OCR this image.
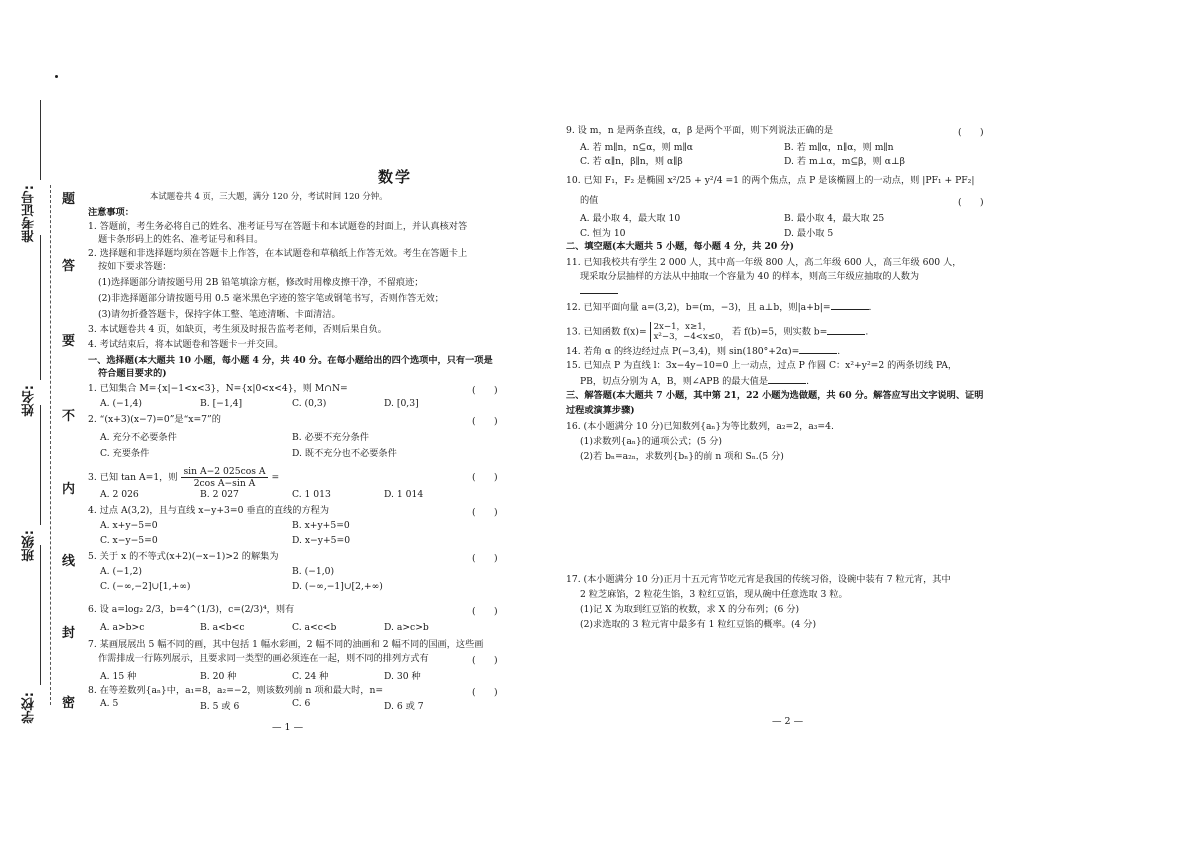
学校:
班级:
姓名:
准考证号: 题
答
要
不
内
线
封
密
数学
本试题卷共 4 页，三大题，满分 120 分，考试时间 120 分钟。
注意事项：
1. 答题前，考生务必将自己的姓名、准考证号写在答题卡和本试题卷的封面上，并认真核对答
题卡条形码上的姓名、准考证号和科目。
2. 选择题和非选择题均须在答题卡上作答，在本试题卷和草稿纸上作答无效。考生在答题卡上
按如下要求答题：
(1)选择题部分请按题号用 2B 铅笔填涂方框，修改时用橡皮擦干净，不留痕迹；
(2)非选择题部分请按题号用 0.5 毫米黑色字迹的签字笔或钢笔书写，否则作答无效；
(3)请勿折叠答题卡，保持字体工整、笔迹清晰、卡面清洁。
3. 本试题卷共 4 页，如缺页，考生须及时报告监考老师，否则后果自负。
4. 考试结束后，将本试题卷和答题卡一并交回。
一、选择题(本大题共 10 小题，每小题 4 分，共 40 分。在每小题给出的四个选项中，只有一项是
符合题目要求的)
1. 已知集合 M={x|−1<x<3}，N={x|0<x<4}，则 M∩N=	(　　)
A. (−1,4)	B. [−1,4]	C. (0,3)	D. [0,3]
2. “(x+3)(x−7)=0”是“x=7”的	(　　)
A. 充分不必要条件	B. 必要不充分条件
C. 充要条件	D. 既不充分也不必要条件
3. 已知 tan A=1，则 $\frac{\text{sin A−2 025cos A}}{\text{2cos A−sin A}}$ =	(　　)
A. 2 026	B. 2 027	C. 1 013	D. 1 014
4. 过点 A(3,2)，且与直线 x−y+3=0 垂直的直线的方程为	(　　)
A. x+y−5=0	B. x+y+5=0
C. x−y−5=0	D. x−y+5=0
5. 关于 x 的不等式(x+2)(−x−1)>2 的解集为	(　　)
A. (−1,2)	B. (−1,0)
C. (−∞,−2]∪[1,+∞)	D. (−∞,−1]∪[2,+∞)
6. 设 a=log₂ 2/3，b=4^(1/3)，c=(2/3)⁴，则有	(　　)
A. a>b>c	B. a<b<c	C. a<c<b	D. a>c>b
7. 某画展展出 5 幅不同的画，其中包括 1 幅水彩画，2 幅不同的油画和 2 幅不同的国画，这些画
作需排成一行陈列展示，且要求同一类型的画必须连在一起，则不同的排列方式有	(　　)
A. 15 种	B. 20 种	C. 24 种	D. 30 种
8. 在等差数列{aₙ}中，a₁=8，a₂=−2，则该数列前 n 项和最大时，n=	(　　)
A. 5	B. 5 或 6	C. 6	D. 6 或 7
— 1 —
9. 设 m，n 是两条直线，α，β 是两个平面，则下列说法正确的是	(　　)
A. 若 m∥n，n⊆α，则 m∥α	B. 若 m∥α，n∥α，则 m∥n
C. 若 α∥n，β∥n，则 α∥β	D. 若 m⊥α，m⊆β，则 α⊥β
10. 已知 F₁，F₂ 是椭圆 x²/25 + y²/4 =1 的两个焦点，点 P 是该椭圆上的一动点，则 |PF₁ + PF₂|
的值	(　　)
A. 最小取 4，最大取 10	B. 最小取 4，最大取 25
C. 恒为 10	D. 最小取 5
二、填空题(本大题共 5 小题，每小题 4 分，共 20 分)
11. 已知我校共有学生 2 000 人，其中高一年级 800 人，高二年级 600 人，高三年级 600 人，
现采取分层抽样的方法从中抽取一个容量为 40 的样本，则高三年级应抽取的人数为
12. 已知平面向量 a=(3,2)，b=(m，−3)，且 a⊥b，则|a+b|=	.
13. 已知函数 f(x)= 2x−1，x≥1，
x²−3，−4<x≤0， 若 f(b)=5，则实数 b=	.
14. 若角 α 的终边经过点 P(−3,4)，则 sin(180°+2α)=	.
15. 已知点 P 为直线 l：3x−4y−10=0 上一动点，过点 P 作圆 C：x²+y²=2 的两条切线 PA，
PB，切点分别为 A，B，则∠APB 的最大值是	.
三、解答题(本大题共 7 小题，其中第 21，22 小题为选做题，共 60 分。解答应写出文字说明、证明
过程或演算步骤)
16. (本小题满分 10 分)已知数列{aₙ}为等比数列，a₂=2，a₃=4.
(1)求数列{aₙ}的通项公式；(5 分)
(2)若 bₙ=a₂ₙ，求数列{bₙ}的前 n 项和 Sₙ.(5 分)
17. (本小题满分 10 分)正月十五元宵节吃元宵是我国的传统习俗，设碗中装有 7 粒元宵，其中
2 粒芝麻馅，2 粒花生馅，3 粒红豆馅，现从碗中任意选取 3 粒。
(1)记 X 为取到红豆馅的枚数，求 X 的分布列；(6 分)
(2)求选取的 3 粒元宵中最多有 1 粒红豆馅的概率。(4 分)
— 2 —
